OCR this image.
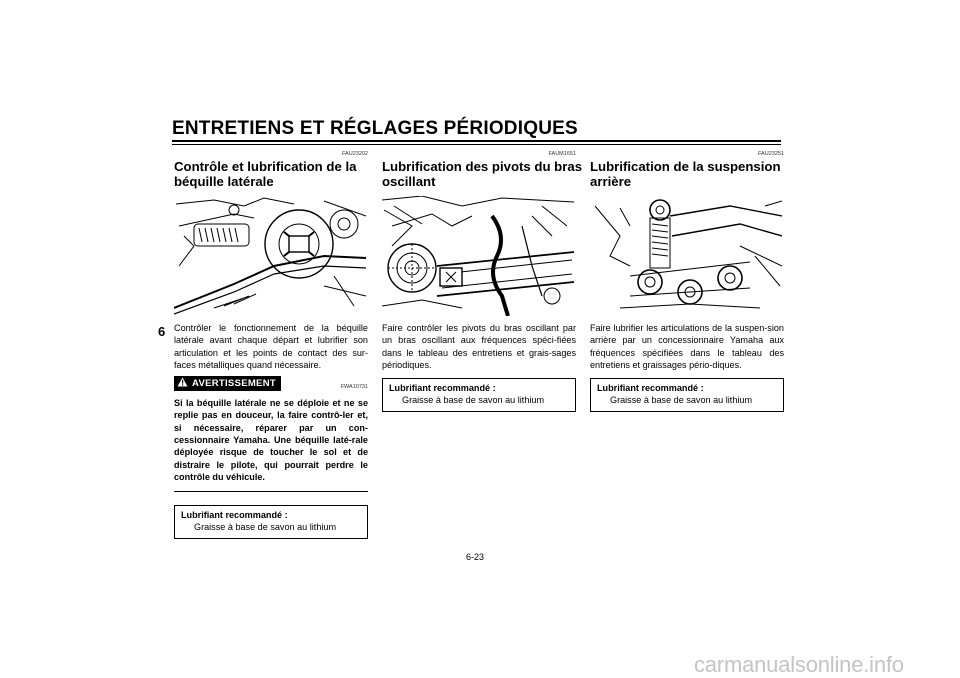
ENTRETIENS ET RÉGLAGES PÉRIODIQUES
6
FAU23202
Contrôle et lubrification de la
béquille latérale
Contrôler le fonctionnement de la béquille latérale avant chaque départ et lubrifier son articulation et les points de contact des sur-faces métalliques quand nécessaire.
AVERTISSEMENT	FWA10731
Si la béquille latérale ne se déploie et ne se replie pas en douceur, la faire contrô-ler et, si nécessaire, réparer par un con-cessionnaire Yamaha. Une béquille laté-rale déployée risque de toucher le sol et de distraire le pilote, qui pourrait perdre le contrôle du véhicule.
Lubrifiant recommandé :
Graisse à base de savon au lithium
FAUM1651
Lubrification des pivots du bras
oscillant
Faire contrôler les pivots du bras oscillant par un bras oscillant aux fréquences spéci-fiées dans le tableau des entretiens et grais-sages périodiques.
Lubrifiant recommandé :
Graisse à base de savon au lithium
FAU23251
Lubrification de la suspension
arrière
Faire lubrifier les articulations de la suspen-sion arrière par un concessionnaire Yamaha aux fréquences spécifiées dans le tableau des entretiens et graissages pério-diques.
Lubrifiant recommandé :
Graisse à base de savon au lithium
6-23
carmanualsonline.info
